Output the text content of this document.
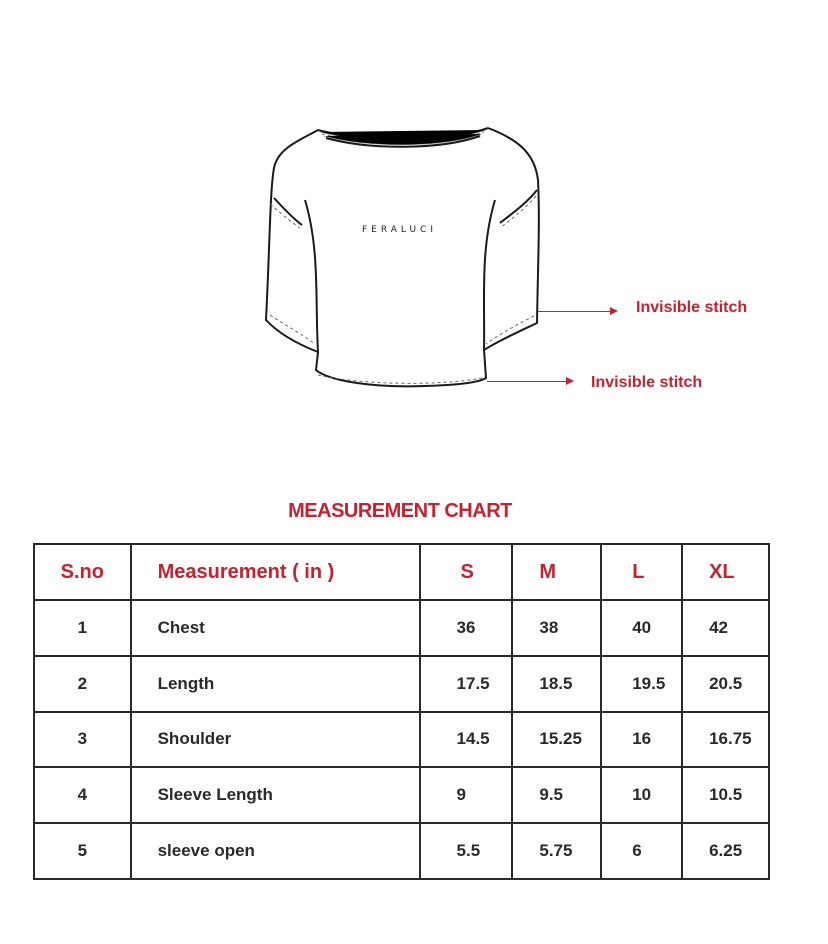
FERALUCI
Invisible stitch
Invisible stitch
MEASUREMENT CHART
S.no	Measurement ( in )	S	M	L	XL
1	Chest	36	38	40	42
2	Length	17.5	18.5	19.5	20.5
3	Shoulder	14.5	15.25	16	16.75
4	Sleeve Length	9	9.5	10	10.5
5	sleeve open	5.5	5.75	6	6.25
